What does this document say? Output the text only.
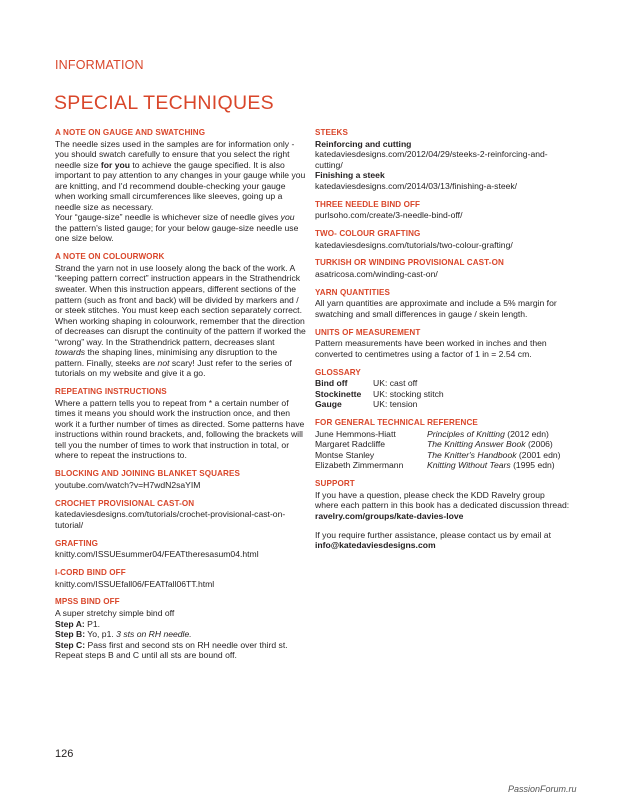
INFORMATION
SPECIAL TECHNIQUES
A NOTE ON GAUGE AND SWATCHING

The needle sizes used in the samples are for information only - you should swatch carefully to ensure that you select the right needle size for you to achieve the gauge specified. It is also important to pay attention to any changes in your gauge while you are knitting, and I'd recommend double-checking your gauge when working small circumferences like sleeves, going up a needle size as necessary.

Your “gauge-size” needle is whichever size of needle gives you the pattern's listed gauge; for your below gauge-size needle use one size below.

A NOTE ON COLOURWORK

Strand the yarn not in use loosely along the back of the work. A “keeping pattern correct” instruction appears in the Strathendrick sweater. When this instruction appears, different sections of the pattern (such as front and back) will be divided by markers and / or steek stitches. You must keep each section separately correct. When working shaping in colourwork, remember that the direction of decreases can disrupt the continuity of the pattern if worked the “wrong” way. In the Strathendrick pattern, decreases slant towards the shaping lines, minimising any disruption to the pattern. Finally, steeks are not scary! Just refer to the series of tutorials on my website and give it a go.

REPEATING INSTRUCTIONS

Where a pattern tells you to repeat from * a certain number of times it means you should work the instruction once, and then work it a further number of times as directed. Some patterns have instructions within round brackets, and, following the brackets will tell you the number of times to work that instruction in total, or where to repeat the instructions to.

BLOCKING AND JOINING BLANKET SQUARES

youtube.com/watch?v=H7wdN2saYIM

CROCHET PROVISIONAL CAST-ON

katedaviesdesigns.com/tutorials/crochet-provisional-cast-on-tutorial/

GRAFTING

knitty.com/ISSUEsummer04/FEATtheresasum04.html

I-CORD BIND OFF

knitty.com/ISSUEfall06/FEATfall06TT.html

MPSS BIND OFF

A super stretchy simple bind off

Step A: P1.

Step B: Yo, p1. 3 sts on RH needle.

Step C: Pass first and second sts on RH needle over third st.

Repeat steps B and C until all sts are bound off.

STEEKS

Reinforcing and cutting

katedaviesdesigns.com/2012/04/29/steeks-2-reinforcing-and-cutting/

Finishing a steek

katedaviesdesigns.com/2014/03/13/finishing-a-steek/

THREE NEEDLE BIND OFF

purlsoho.com/create/3-needle-bind-off/

TWO- COLOUR GRAFTING

katedaviesdesigns.com/tutorials/two-colour-grafting/

TURKISH OR WINDING PROVISIONAL CAST-ON

asatricosa.com/winding-cast-on/

YARN QUANTITIES

All yarn quantities are approximate and include a 5% margin for swatching and small differences in gauge / skein length.

UNITS OF MEASUREMENT

Pattern measurements have been worked in inches and then converted to centimetres using a factor of 1 in = 2.54 cm.

GLOSSARY
Bind off	UK: cast off
Stockinette	UK: stocking stitch
Gauge	UK: tension
FOR GENERAL TECHNICAL REFERENCE
June Hemmons-Hiatt	Principles of Knitting (2012 edn)
Margaret Radcliffe	The Knitting Answer Book (2006)
Montse Stanley	The Knitter's Handbook (2001 edn)
Elizabeth Zimmermann	Knitting Without Tears (1995 edn)
SUPPORT

If you have a question, please check the KDD Ravelry group where each pattern in this book has a dedicated discussion thread: ravelry.com/groups/kate-davies-love

If you require further assistance, please contact us by email at info@katedaviesdesigns.com

126
PassionForum.ru
